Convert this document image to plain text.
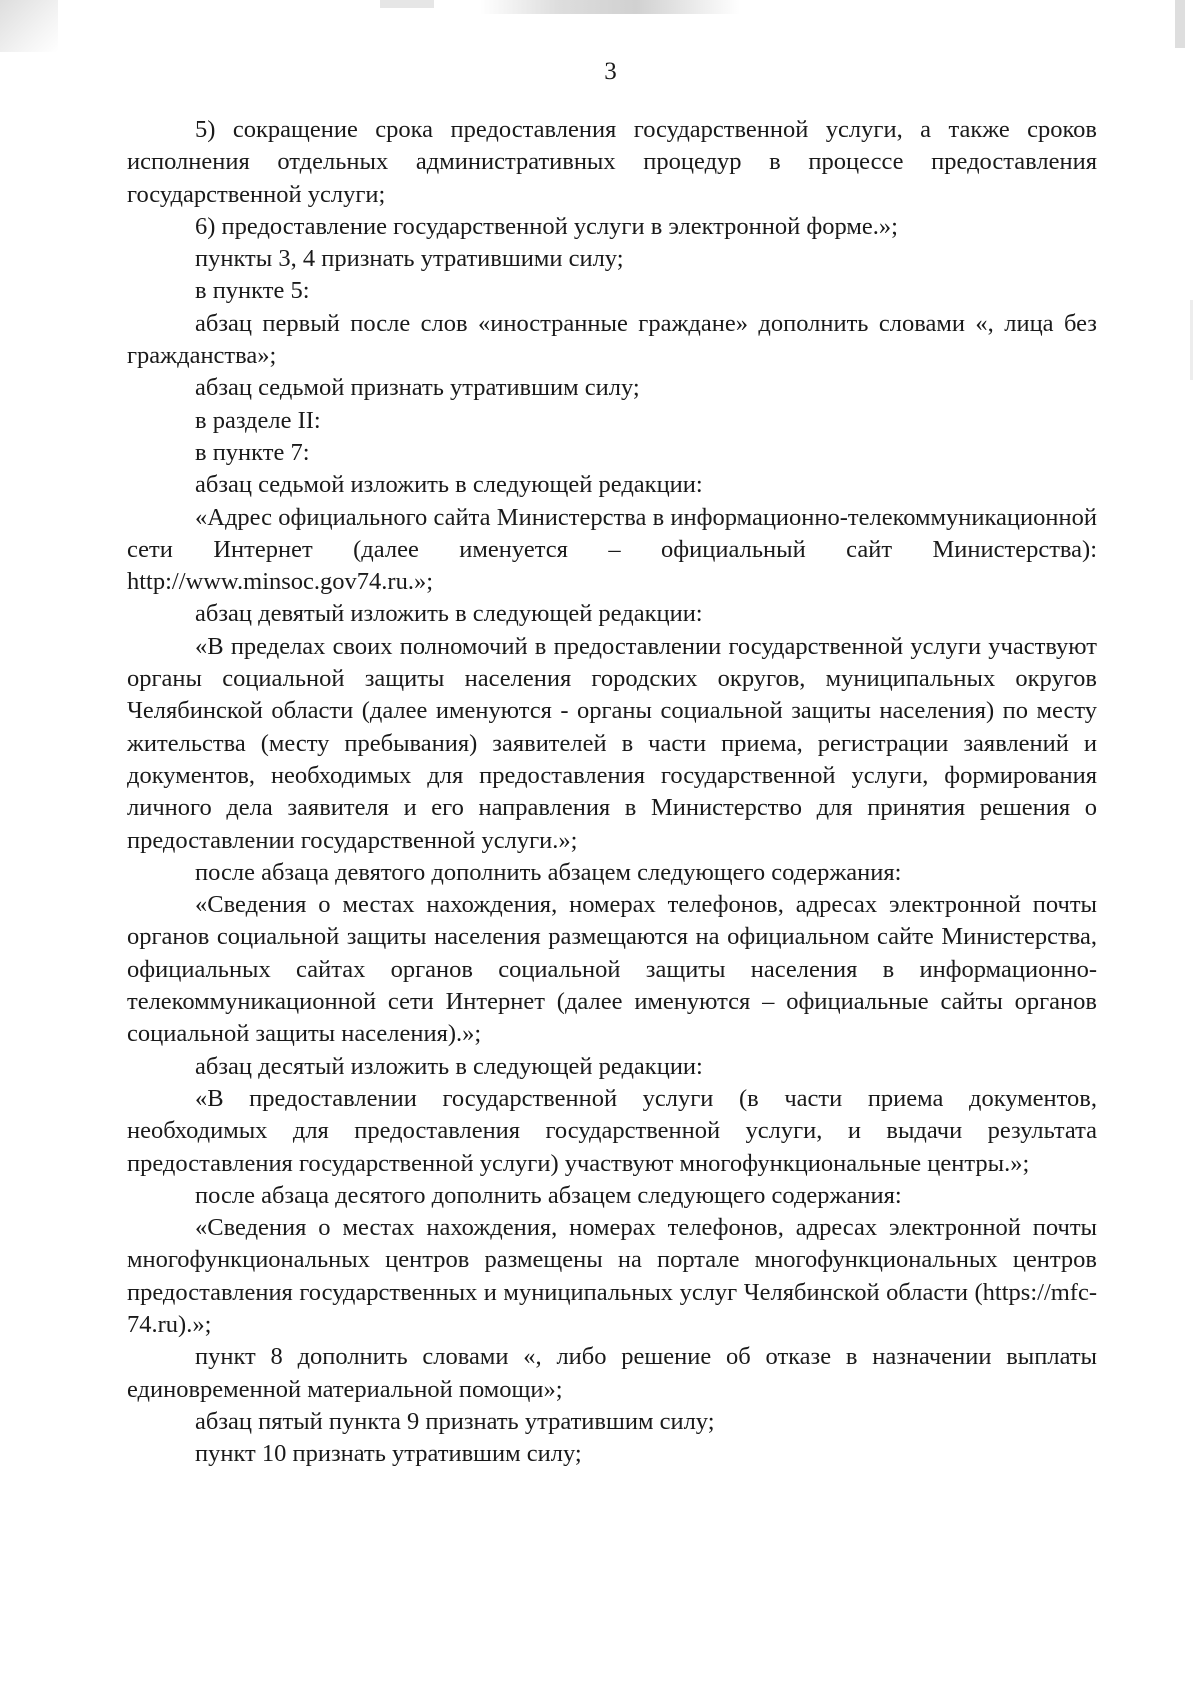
3

5) сокращение срока предоставления государственной услуги, а также сроков исполнения отдельных административных процедур в процессе предоставления государственной услуги;

6) предоставление государственной услуги в электронной форме.»;

пункты 3, 4 признать утратившими силу;

в пункте 5:

абзац первый после слов «иностранные граждане» дополнить словами «, лица без гражданства»;

абзац седьмой признать утратившим силу;

в разделе II:

в пункте 7:

абзац седьмой изложить в следующей редакции:

«Адрес официального сайта Министерства в информационно-телекоммуникационной сети Интернет (далее именуется – официальный сайт Министерства): http://www.minsoc.gov74.ru.»;

абзац девятый изложить в следующей редакции:

«В пределах своих полномочий в предоставлении государственной услуги участвуют органы социальной защиты населения городских округов, муниципальных округов Челябинской области (далее именуются - органы социальной защиты населения) по месту жительства (месту пребывания) заявителей в части приема, регистрации заявлений и документов, необходимых для предоставления государственной услуги, формирования личного дела заявителя и его направления в Министерство для принятия решения о предоставлении государственной услуги.»;

после абзаца девятого дополнить абзацем следующего содержания:

«Сведения о местах нахождения, номерах телефонов, адресах электронной почты органов социальной защиты населения размещаются на официальном сайте Министерства, официальных сайтах органов социальной защиты населения в информационно-телекоммуникационной сети Интернет (далее именуются – официальные сайты органов социальной защиты населения).»;

абзац десятый изложить в следующей редакции:

«В предоставлении государственной услуги (в части приема документов, необходимых для предоставления государственной услуги, и выдачи результата предоставления государственной услуги) участвуют многофункциональные центры.»;

после абзаца десятого дополнить абзацем следующего содержания:

«Сведения о местах нахождения, номерах телефонов, адресах электронной почты многофункциональных центров размещены на портале многофункциональных центров предоставления государственных и муниципальных услуг Челябинской области (https://mfc-74.ru).»;

пункт 8 дополнить словами «, либо решение об отказе в назначении выплаты единовременной материальной помощи»;

абзац пятый пункта 9 признать утратившим силу;

пункт 10 признать утратившим силу;
